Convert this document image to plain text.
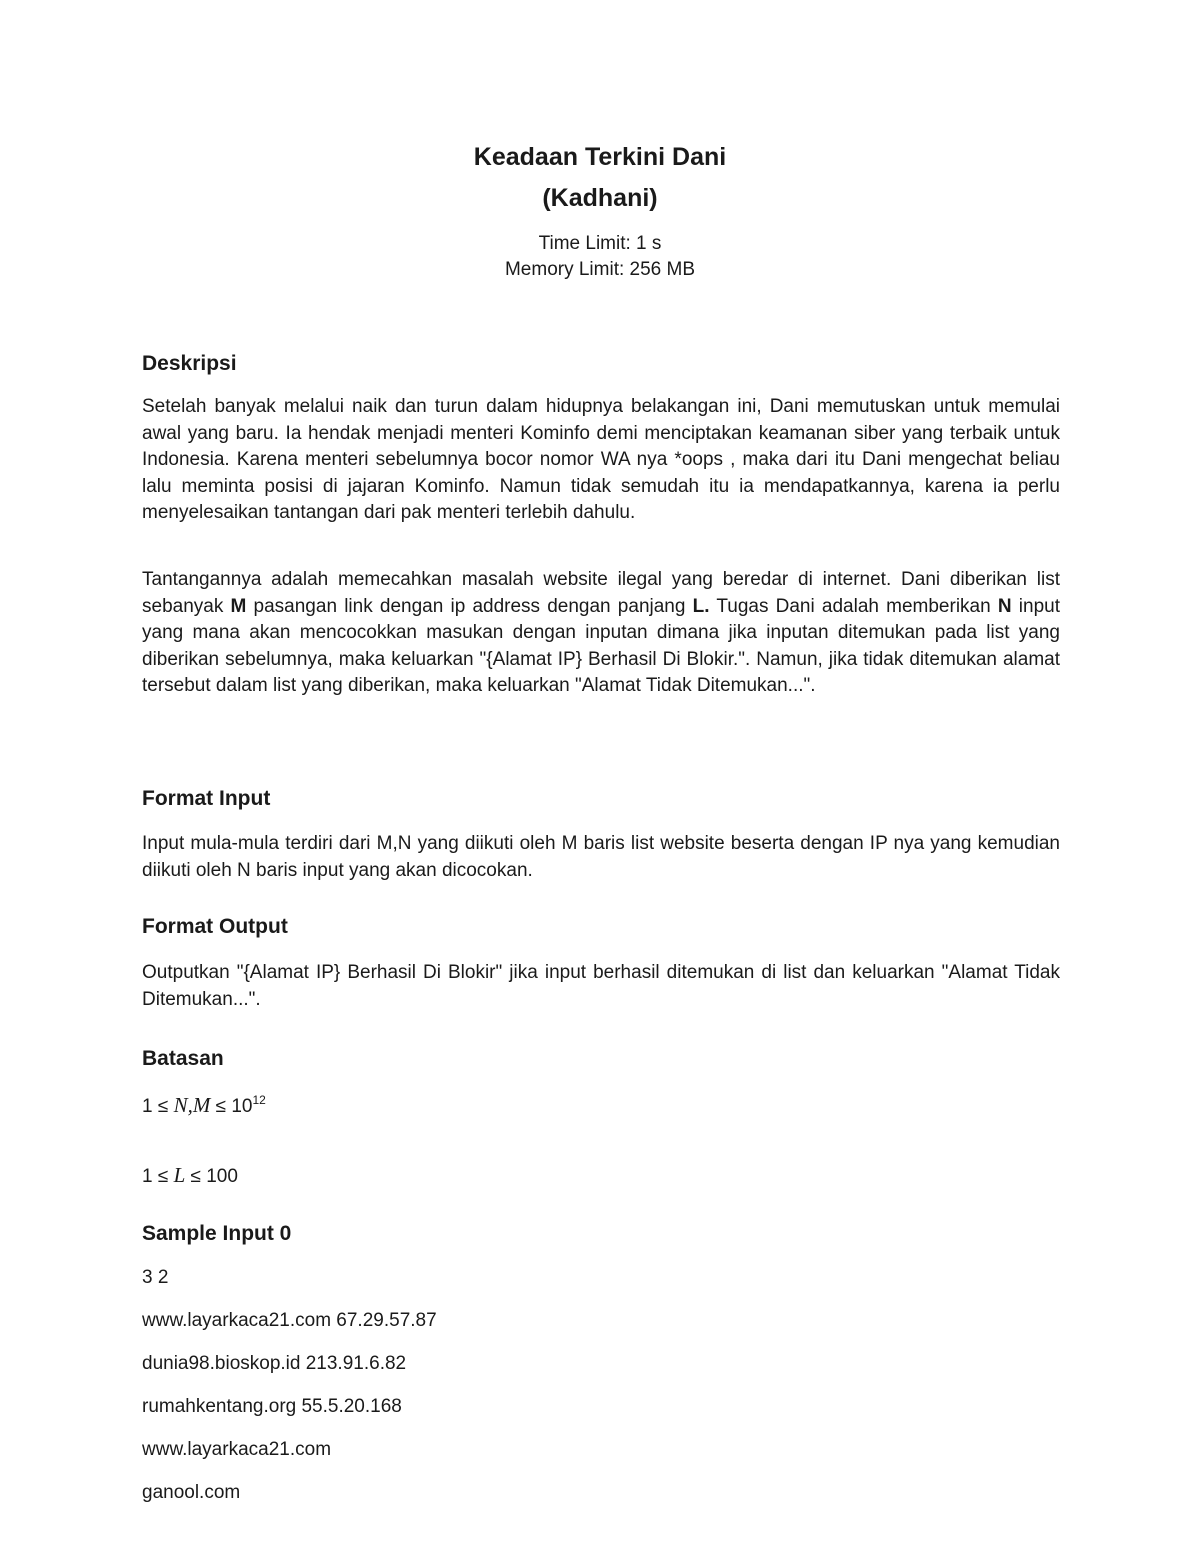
Keadaan Terkini Dani
(Kadhani)
Time Limit: 1 s
Memory Limit: 256 MB
Deskripsi
Setelah banyak melalui naik dan turun dalam hidupnya belakangan ini, Dani memutuskan untuk memulai awal yang baru. Ia hendak menjadi menteri Kominfo demi menciptakan keamanan siber yang terbaik untuk Indonesia. Karena menteri sebelumnya bocor nomor WA nya *oops , maka dari itu Dani mengechat beliau lalu meminta posisi di jajaran Kominfo. Namun tidak semudah itu ia mendapatkannya, karena ia perlu menyelesaikan tantangan dari pak menteri terlebih dahulu.
Tantangannya adalah memecahkan masalah website ilegal yang beredar di internet. Dani diberikan list sebanyak M pasangan link dengan ip address dengan panjang L. Tugas Dani adalah memberikan N input yang mana akan mencocokkan masukan dengan inputan dimana jika inputan ditemukan pada list yang diberikan sebelumnya, maka keluarkan "{Alamat IP} Berhasil Di Blokir.". Namun, jika tidak ditemukan alamat tersebut dalam list yang diberikan, maka keluarkan "Alamat Tidak Ditemukan...".
Format Input
Input mula-mula terdiri dari M,N yang diikuti oleh M baris list website beserta dengan IP nya yang kemudian diikuti oleh N baris input yang akan dicocokan.
Format Output
Outputkan "{Alamat IP} Berhasil Di Blokir" jika input berhasil ditemukan di list dan keluarkan "Alamat Tidak Ditemukan...".
Batasan
$1 \le N,M \le 10^{12}$
1 ≤ L ≤ 100
Sample Input 0
3 2
www.layarkaca21.com 67.29.57.87
dunia98.bioskop.id 213.91.6.82
rumahkentang.org 55.5.20.168
www.layarkaca21.com
ganool.com
